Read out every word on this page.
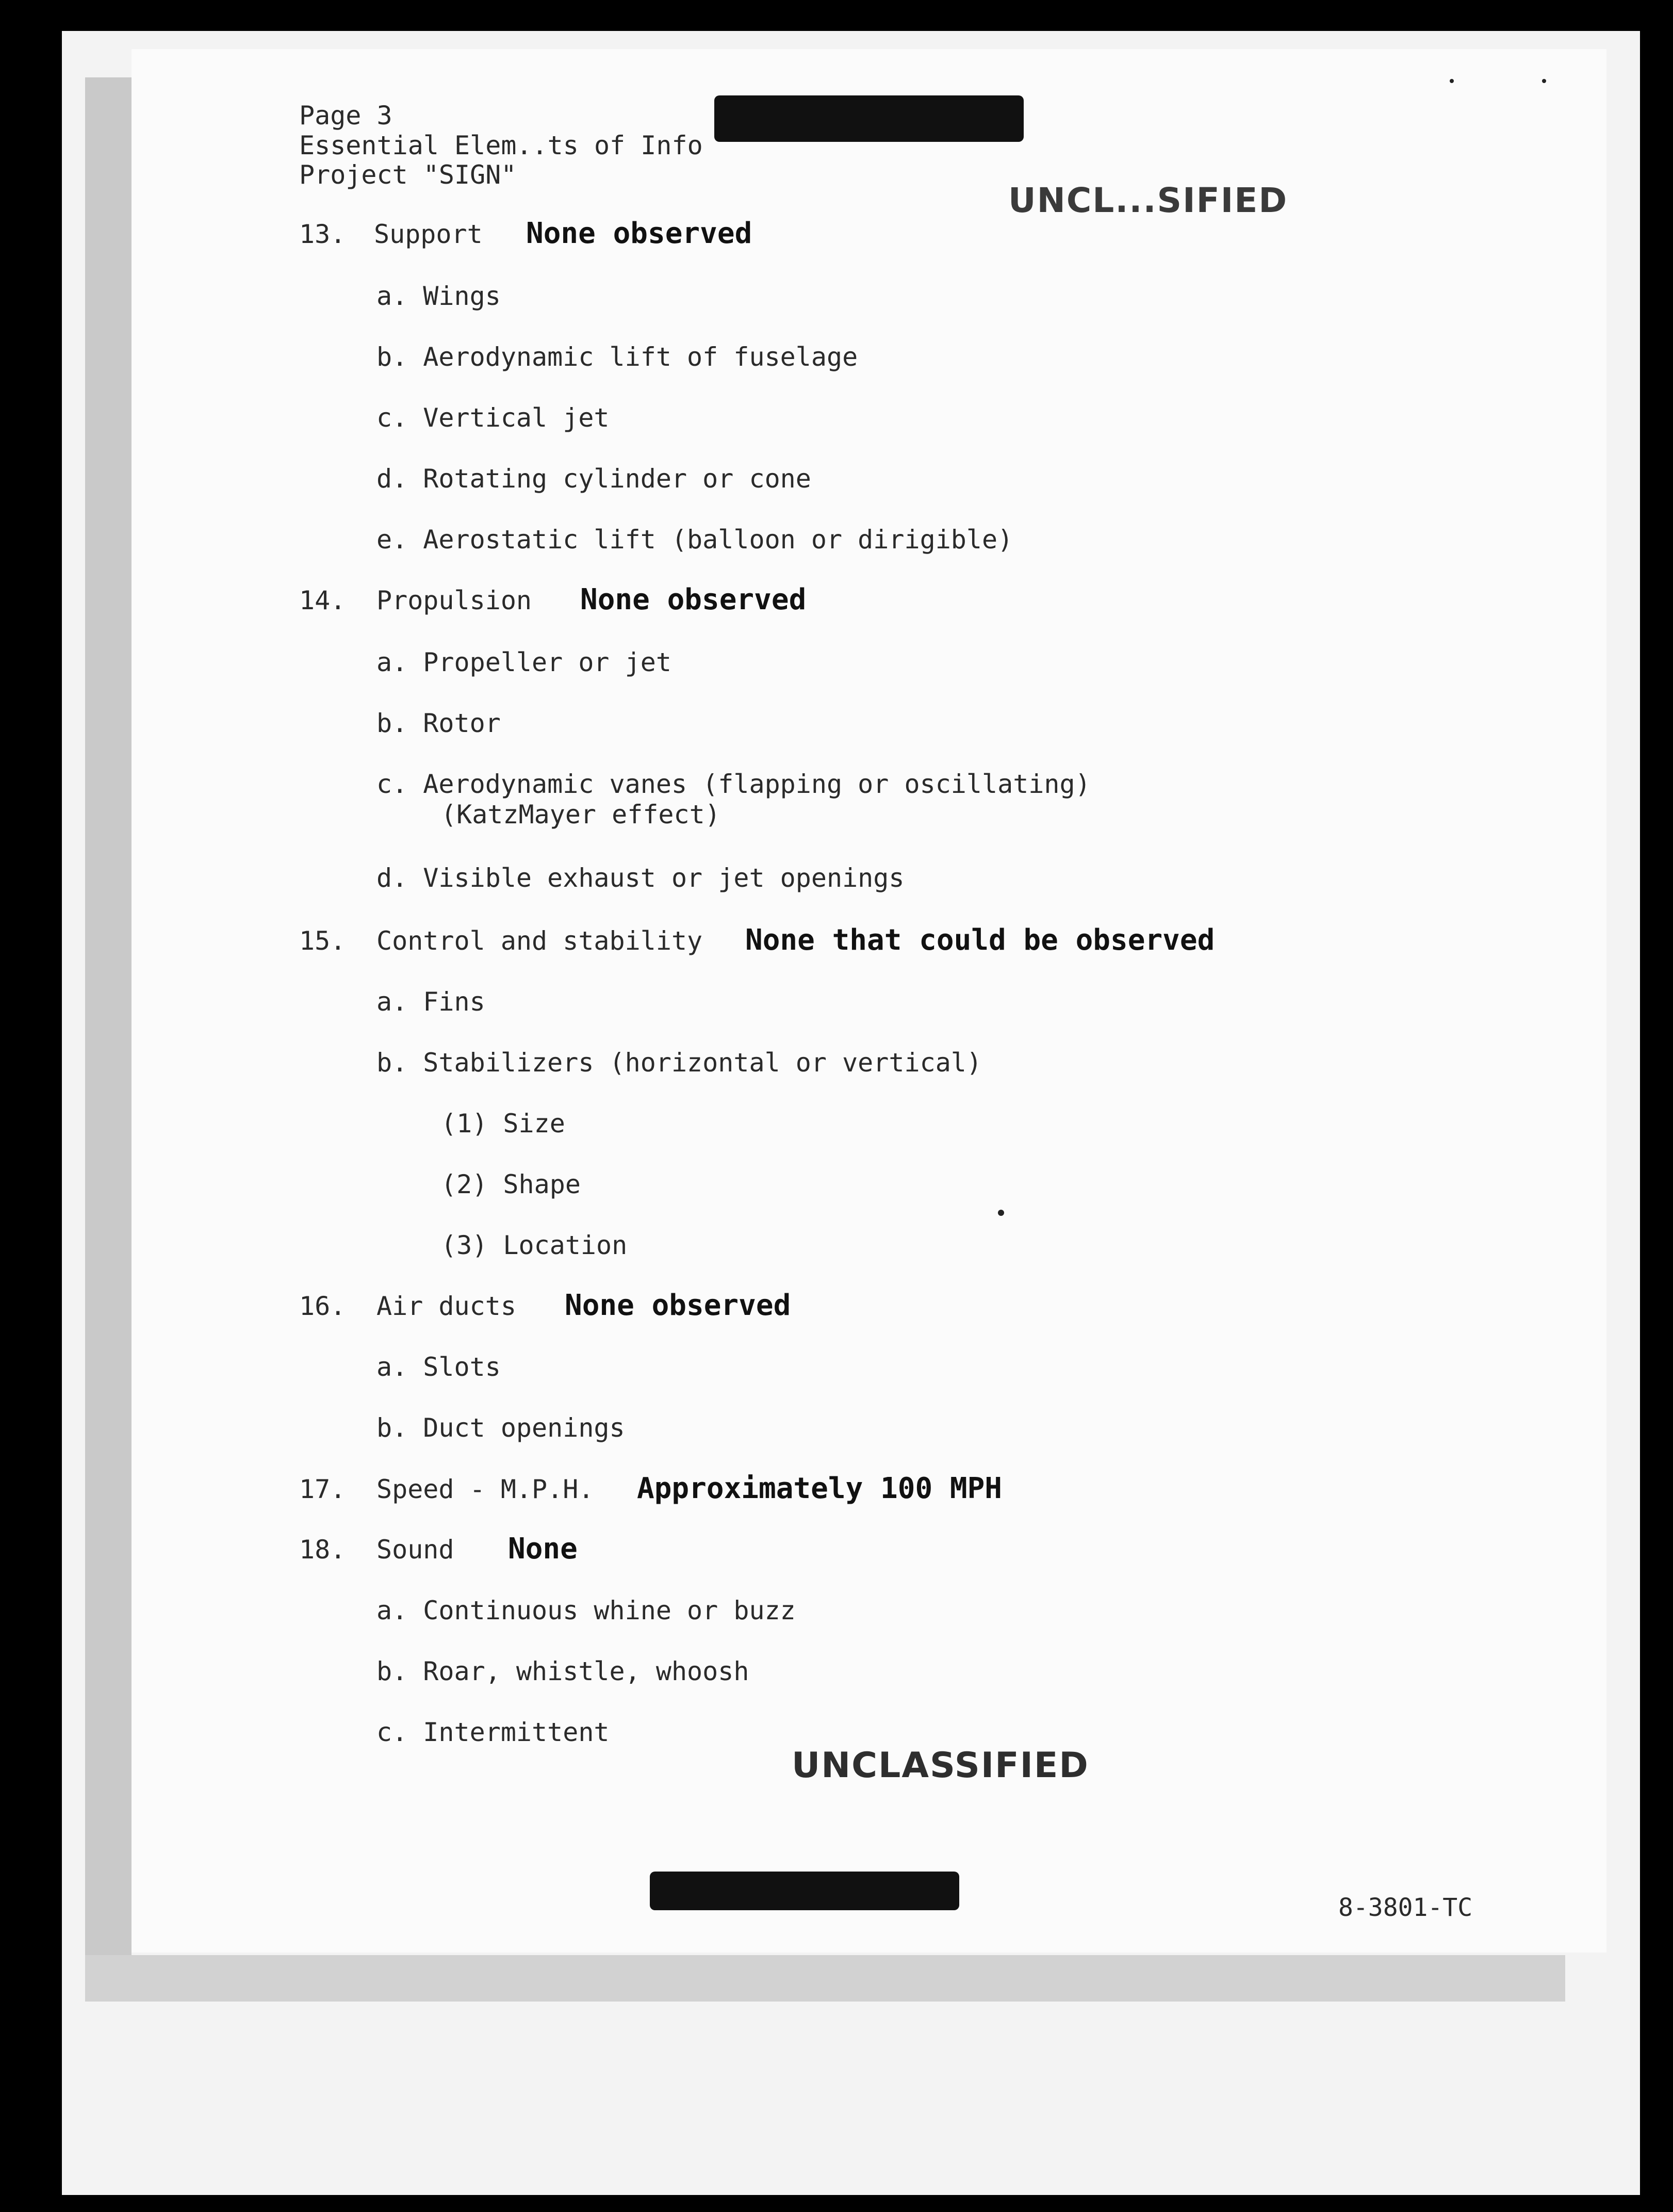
Page 3
Essential Elem..ts of Info
Project "SIGN"
UNCL...SIFIED
13. Support None observed
a. Wings
b. Aerodynamic lift of fuselage
c. Vertical jet
d. Rotating cylinder or cone
e. Aerostatic lift (balloon or dirigible)
14. Propulsion None observed
a. Propeller or jet
b. Rotor
c. Aerodynamic vanes (flapping or oscillating)
(KatzMayer effect)
d. Visible exhaust or jet openings
15. Control and stability None that could be observed
a. Fins
b. Stabilizers (horizontal or vertical)
(1) Size
(2) Shape
(3) Location
16. Air ducts None observed
a. Slots
b. Duct openings
17. Speed - M.P.H. Approximately 100 MPH
18. Sound None
a. Continuous whine or buzz
b. Roar, whistle, whoosh
c. Intermittent
UNCLASSIFIED
8-3801-TC
